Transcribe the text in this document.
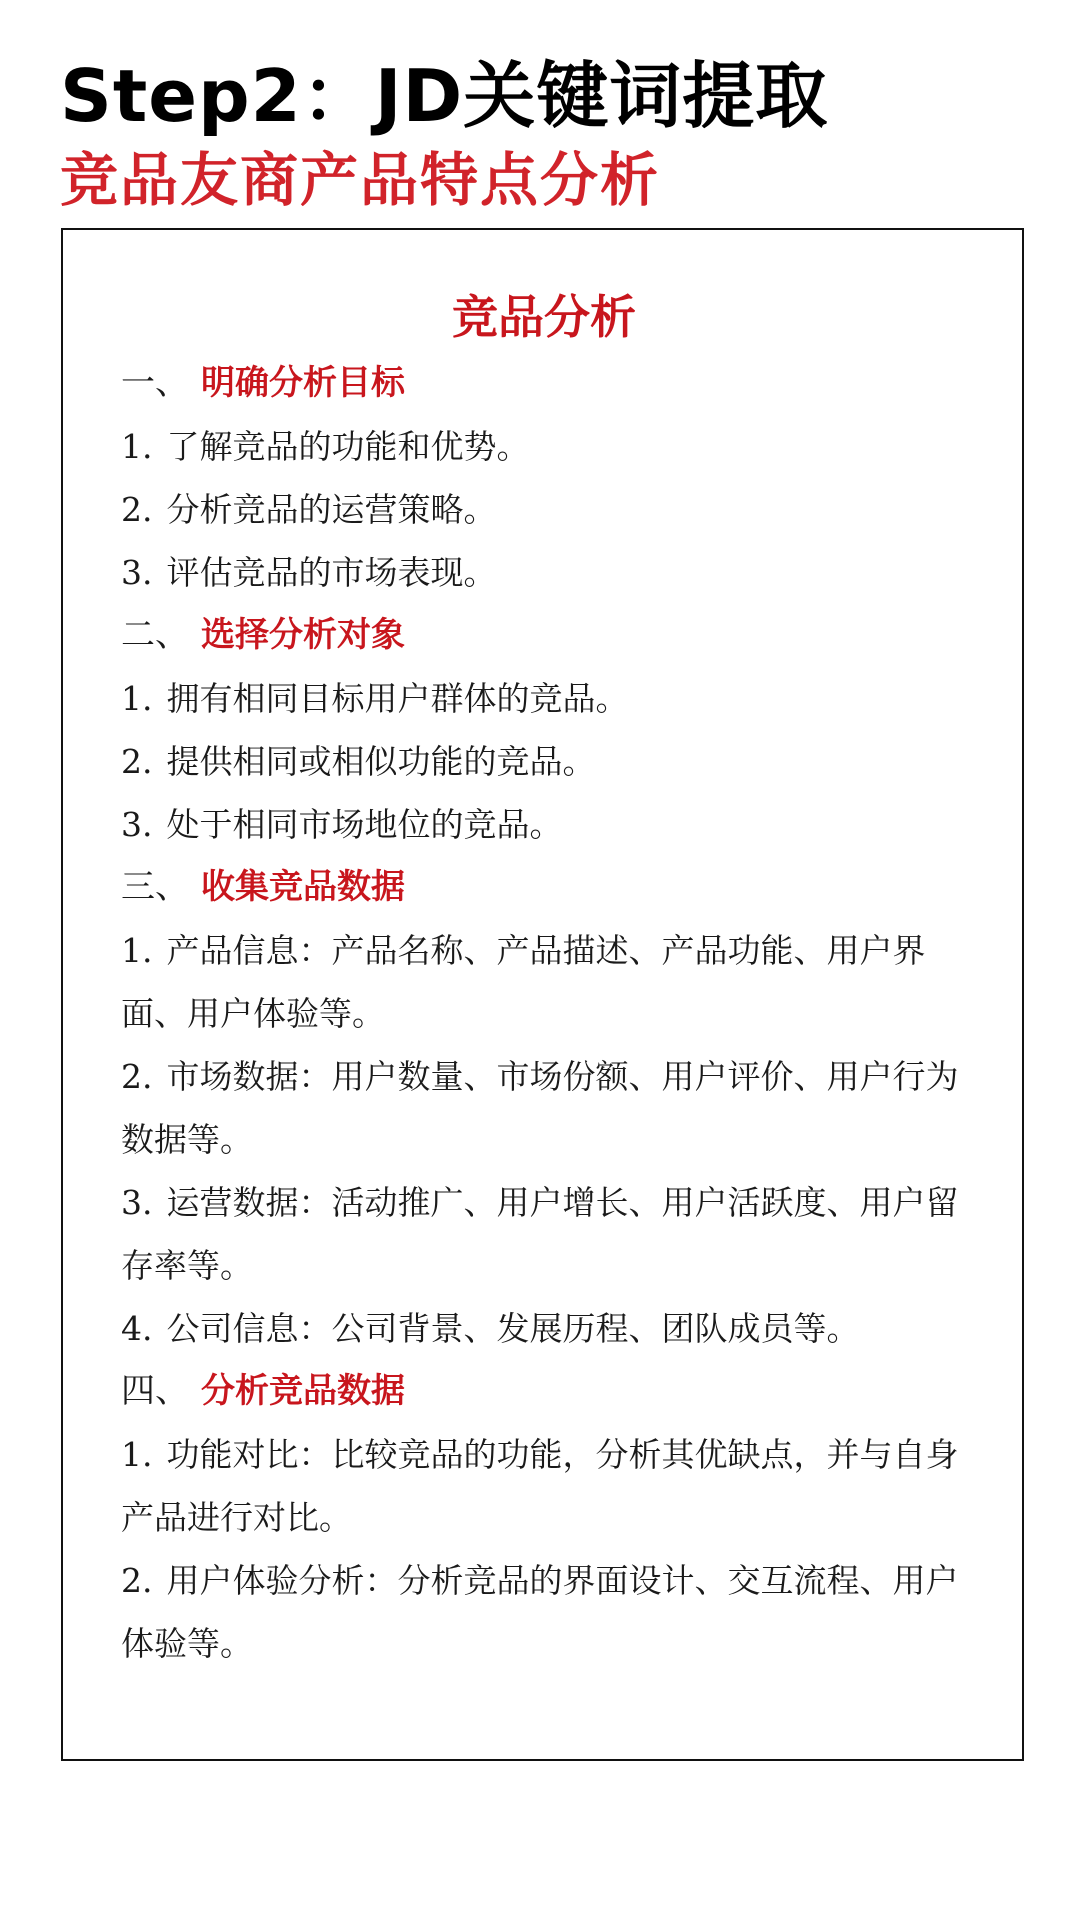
Step2：JD关键词提取
竞品友商产品特点分析
竞品分析
一、 明确分析目标
1. 了解竞品的功能和优势。
2. 分析竞品的运营策略。
3. 评估竞品的市场表现。
二、 选择分析对象
1. 拥有相同目标用户群体的竞品。
2. 提供相同或相似功能的竞品。
3. 处于相同市场地位的竞品。
三、 收集竞品数据
1. 产品信息：产品名称、产品描述、产品功能、用户界面、用户体验等。
2. 市场数据：用户数量、市场份额、用户评价、用户行为数据等。
3. 运营数据：活动推广、用户增长、用户活跃度、用户留存率等。
4. 公司信息：公司背景、发展历程、团队成员等。
四、 分析竞品数据
1. 功能对比：比较竞品的功能，分析其优缺点，并与自身产品进行对比。
2. 用户体验分析：分析竞品的界面设计、交互流程、用户体验等。
